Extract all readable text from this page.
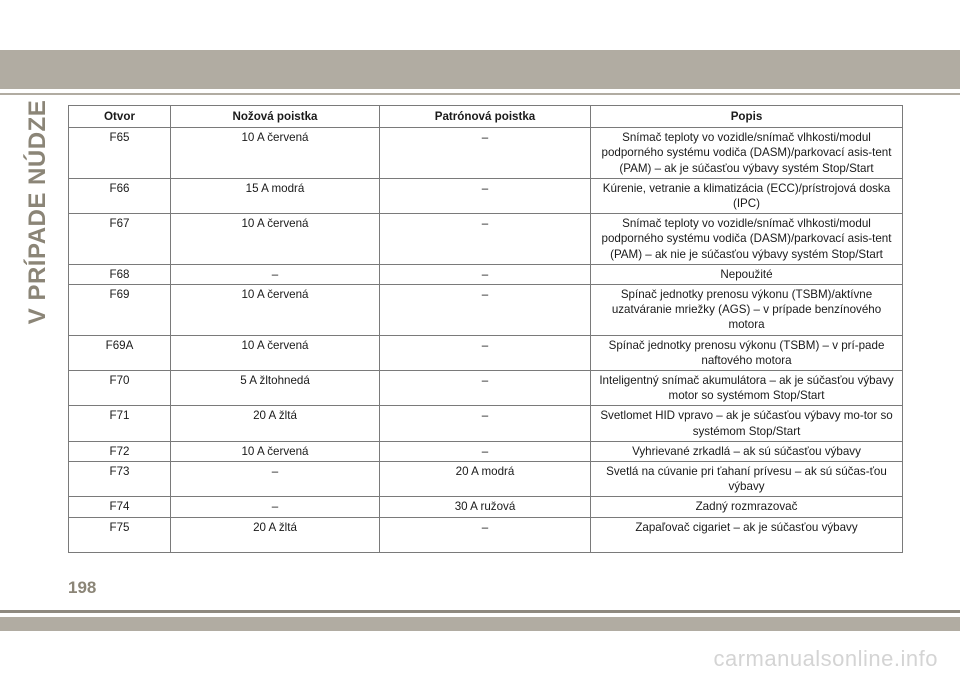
V PRÍPADE NÚDZE	Otvor	Nožová poistka	Patrónová poistka	Popis
F65	10 A červená	–	Snímač teploty vo vozidle/snímač vlhkosti/modul podporného systému vodiča (DASM)/parkovací asis-tent (PAM) – ak je súčasťou výbavy systém Stop/Start
F66	15 A modrá	–	Kúrenie, vetranie a klimatizácia (ECC)/prístrojová doska (IPC)
F67	10 A červená	–	Snímač teploty vo vozidle/snímač vlhkosti/modul podporného systému vodiča (DASM)/parkovací asis-tent (PAM) – ak nie je súčasťou výbavy systém Stop/Start
F68	–	–	Nepoužité
F69	10 A červená	–	Spínač jednotky prenosu výkonu (TSBM)/aktívne uzatváranie mriežky (AGS) – v prípade benzínového motora
F69A	10 A červená	–	Spínač jednotky prenosu výkonu (TSBM) – v prí-pade naftového motora
F70	5 A žltohnedá	–	Inteligentný snímač akumulátora – ak je súčasťou výbavy motor so systémom Stop/Start
F71	20 A žltá	–	Svetlomet HID vpravo – ak je súčasťou výbavy mo-tor so systémom Stop/Start
F72	10 A červená	–	Vyhrievané zrkadlá – ak sú súčasťou výbavy
F73	–	20 A modrá	Svetlá na cúvanie pri ťahaní prívesu – ak sú súčas-ťou výbavy
F74	–	30 A ružová	Zadný rozmrazovač
F75	20 A žltá	–	Zapaľovač cigariet – ak je súčasťou výbavy
198
carmanualsonline.info
